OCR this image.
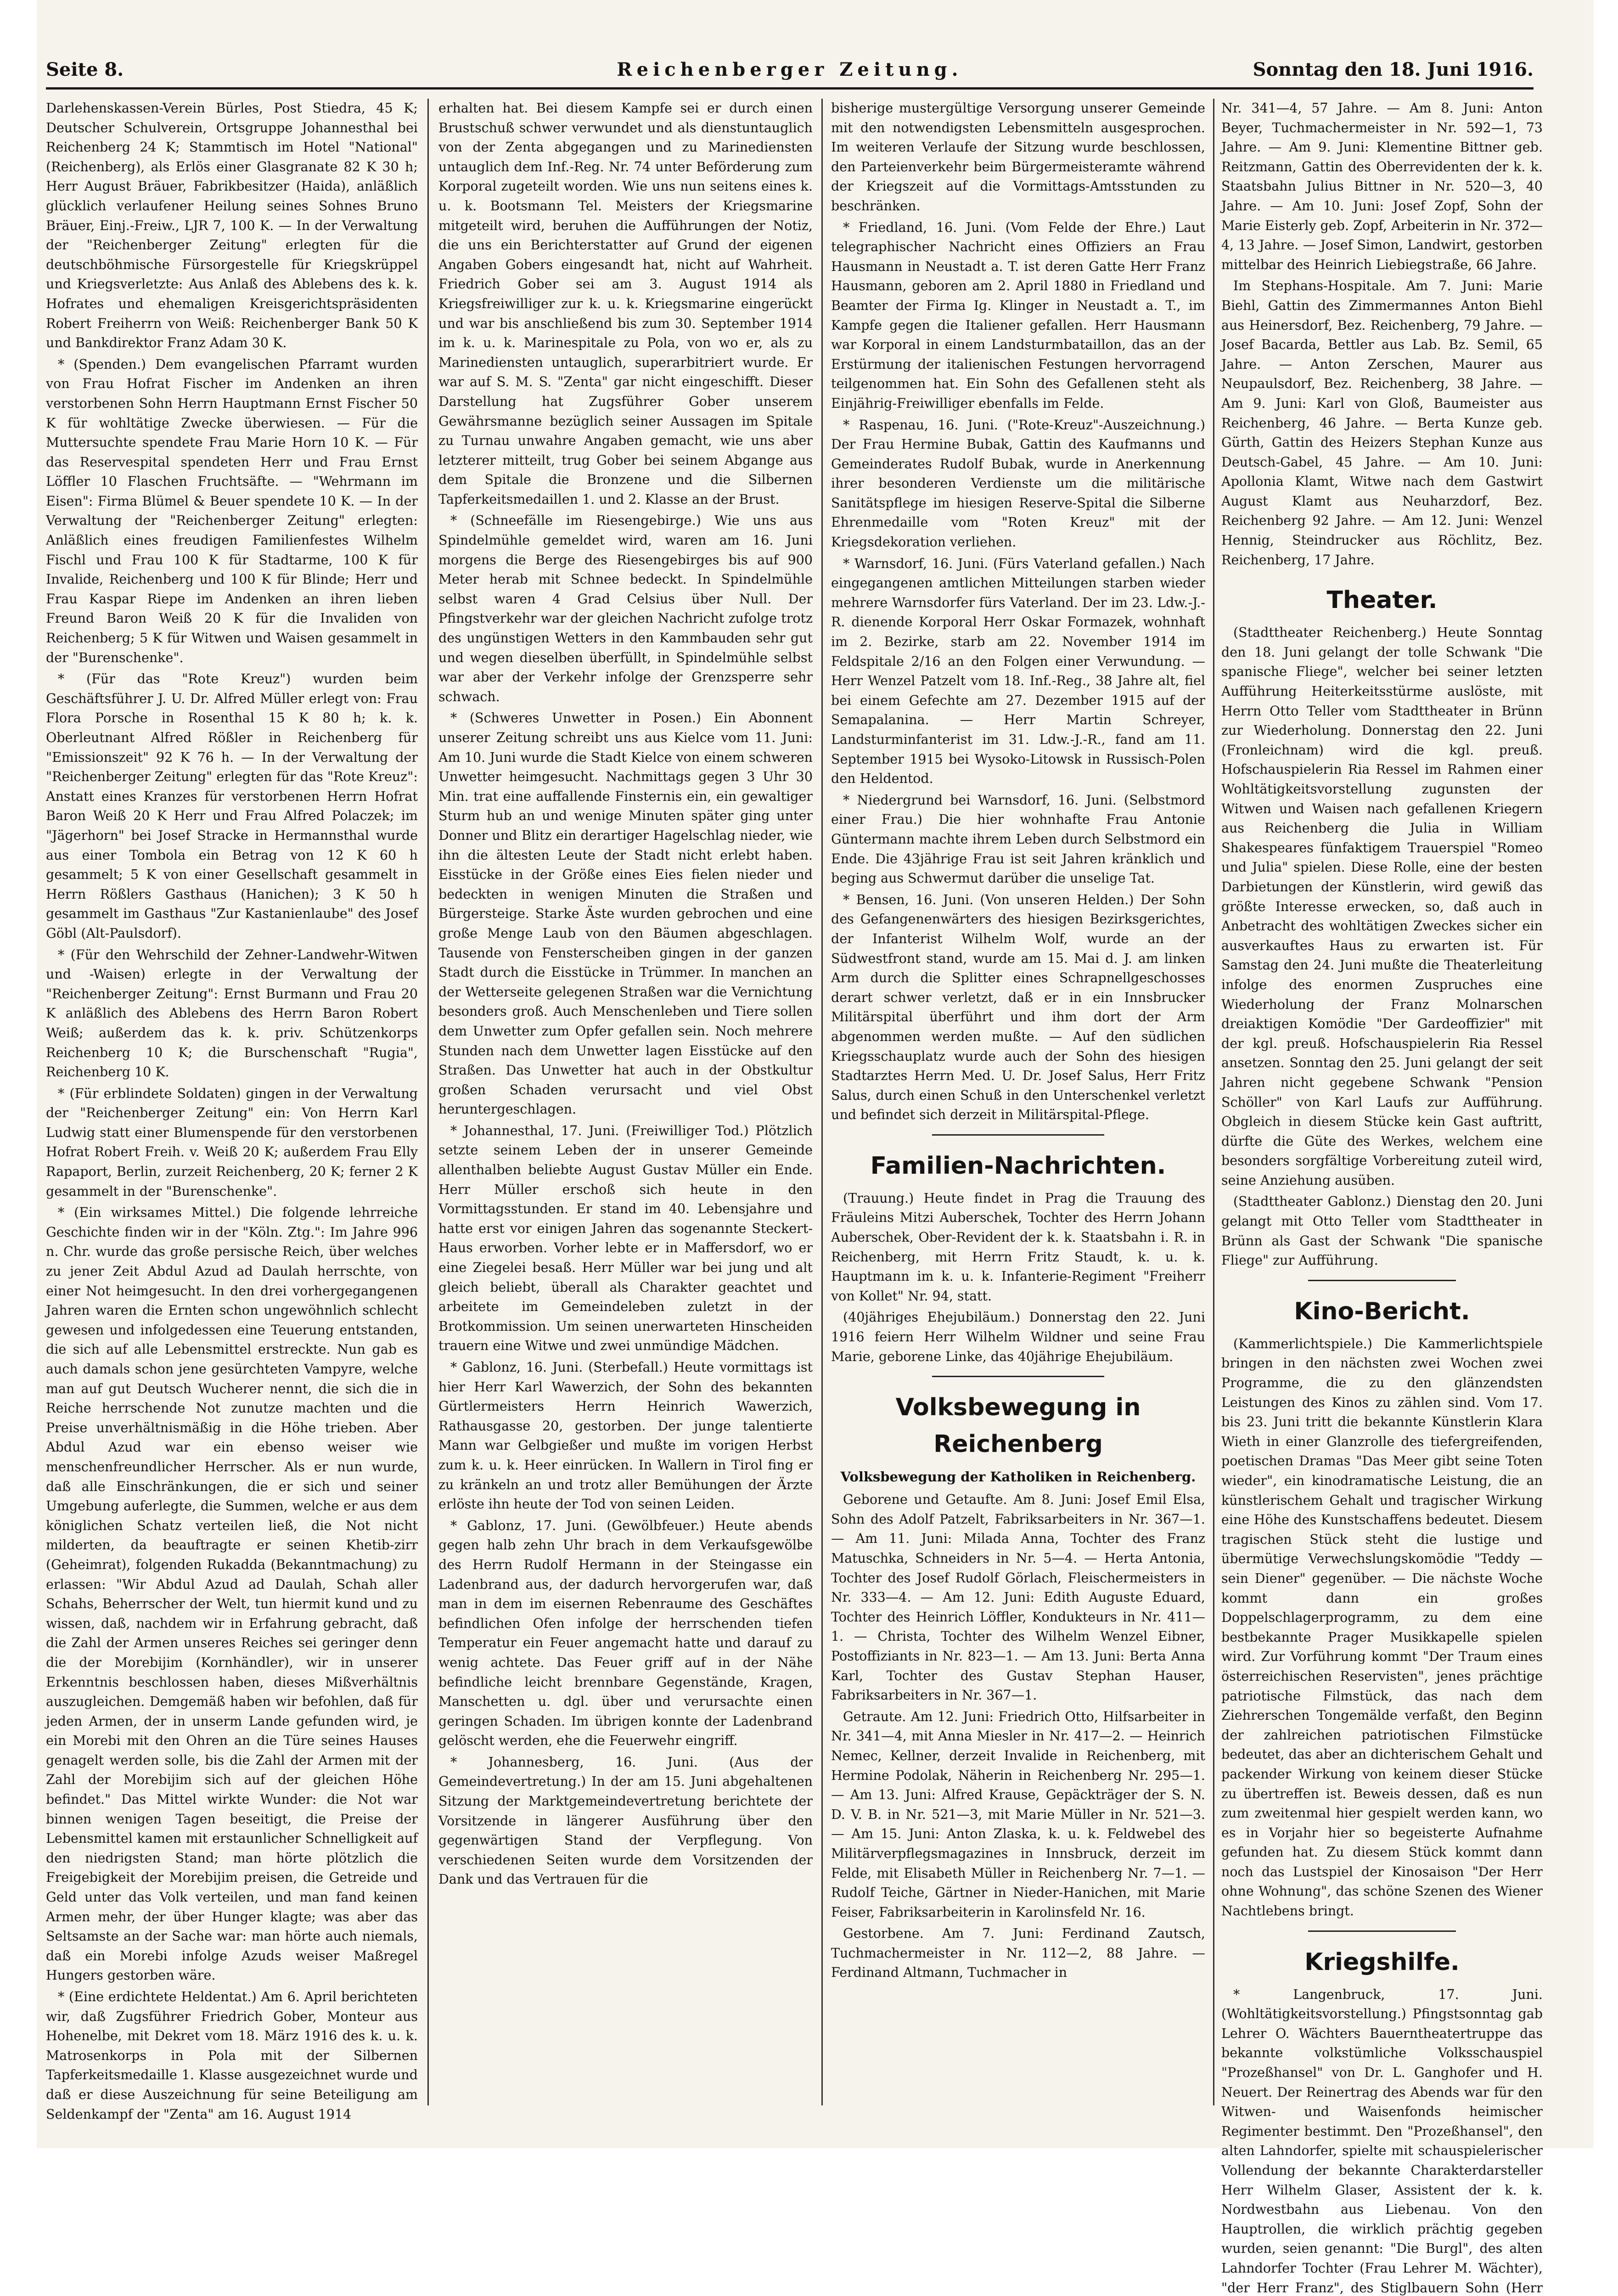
Seite 8.	Reichenberger Zeitung.	Sonntag den 18. Juni 1916.

Darlehenskassen-Verein Bürles, Post Stiedra, 45 K; Deutscher Schulverein, Ortsgruppe Johannesthal bei Reichenberg 24 K; Stammtisch im Hotel "National" (Reichenberg), als Erlös einer Glasgranate 82 K 30 h; Herr August Bräuer, Fabrikbesitzer (Haida), anläßlich glücklich verlaufener Heilung seines Sohnes Bruno Bräuer, Einj.-Freiw., LJR 7, 100 K. — In der Verwaltung der "Reichenberger Zeitung" erlegten für die deutschböhmische Fürsorgestelle für Kriegskrüppel und Kriegsverletzte: Aus Anlaß des Ablebens des k. k. Hofrates und ehemaligen Kreisgerichtspräsidenten Robert Freiherrn von Weiß: Reichenberger Bank 50 K und Bankdirektor Franz Adam 30 K.

* (Spenden.) Dem evangelischen Pfarramt wurden von Frau Hofrat Fischer im Andenken an ihren verstorbenen Sohn Herrn Hauptmann Ernst Fischer 50 K für wohltätige Zwecke überwiesen. — Für die Muttersuchte spendete Frau Marie Horn 10 K. — Für das Reservespital spendeten Herr und Frau Ernst Löffler 10 Flaschen Fruchtsäfte. — "Wehrmann im Eisen": Firma Blümel & Beuer spendete 10 K. — In der Verwaltung der "Reichenberger Zeitung" erlegten: Anläßlich eines freudigen Familienfestes Wilhelm Fischl und Frau 100 K für Stadtarme, 100 K für Invalide, Reichenberg und 100 K für Blinde; Herr und Frau Kaspar Riepe im Andenken an ihren lieben Freund Baron Weiß 20 K für die Invaliden von Reichenberg; 5 K für Witwen und Waisen gesammelt in der "Burenschenke".

* (Für das "Rote Kreuz") wurden beim Geschäftsführer J. U. Dr. Alfred Müller erlegt von: Frau Flora Porsche in Rosenthal 15 K 80 h; k. k. Oberleutnant Alfred Rößler in Reichenberg für "Emissionszeit" 92 K 76 h. — In der Verwaltung der "Reichenberger Zeitung" erlegten für das "Rote Kreuz": Anstatt eines Kranzes für verstorbenen Herrn Hofrat Baron Weiß 20 K Herr und Frau Alfred Polaczek; im "Jägerhorn" bei Josef Stracke in Hermannsthal wurde aus einer Tombola ein Betrag von 12 K 60 h gesammelt; 5 K von einer Gesellschaft gesammelt in Herrn Rößlers Gasthaus (Hanichen); 3 K 50 h gesammelt im Gasthaus "Zur Kastanienlaube" des Josef Göbl (Alt-Paulsdorf).

* (Für den Wehrschild der Zehner-Landwehr-Witwen und -Waisen) erlegte in der Verwaltung der "Reichenberger Zeitung": Ernst Burmann und Frau 20 K anläßlich des Ablebens des Herrn Baron Robert Weiß; außerdem das k. k. priv. Schützenkorps Reichenberg 10 K; die Burschenschaft "Rugia", Reichenberg 10 K.

* (Für erblindete Soldaten) gingen in der Verwaltung der "Reichenberger Zeitung" ein: Von Herrn Karl Ludwig statt einer Blumenspende für den verstorbenen Hofrat Robert Freih. v. Weiß 20 K; außerdem Frau Elly Rapaport, Berlin, zurzeit Reichenberg, 20 K; ferner 2 K gesammelt in der "Burenschenke".

* (Ein wirksames Mittel.) Die folgende lehrreiche Geschichte finden wir in der "Köln. Ztg.": Im Jahre 996 n. Chr. wurde das große persische Reich, über welches zu jener Zeit Abdul Azud ad Daulah herrschte, von einer Not heimgesucht. In den drei vorhergegangenen Jahren waren die Ernten schon ungewöhnlich schlecht gewesen und infolgedessen eine Teuerung entstanden, die sich auf alle Lebensmittel erstreckte. Nun gab es auch damals schon jene gesürchteten Vampyre, welche man auf gut Deutsch Wucherer nennt, die sich die in Reiche herrschende Not zunutze machten und die Preise unverhältnismäßig in die Höhe trieben. Aber Abdul Azud war ein ebenso weiser wie menschenfreundlicher Herrscher. Als er nun wurde, daß alle Einschränkungen, die er sich und seiner Umgebung auferlegte, die Summen, welche er aus dem königlichen Schatz verteilen ließ, die Not nicht milderten, da beauftragte er seinen Khetib-zirr (Geheimrat), folgenden Rukadda (Bekanntmachung) zu erlassen: "Wir Abdul Azud ad Daulah, Schah aller Schahs, Beherrscher der Welt, tun hiermit kund und zu wissen, daß, nachdem wir in Erfahrung gebracht, daß die Zahl der Armen unseres Reiches sei geringer denn die der Morebijim (Kornhändler), wir in unserer Erkenntnis beschlossen haben, dieses Mißverhältnis auszugleichen. Demgemäß haben wir befohlen, daß für jeden Armen, der in unserm Lande gefunden wird, je ein Morebi mit den Ohren an die Türe seines Hauses genagelt werden solle, bis die Zahl der Armen mit der Zahl der Morebijim sich auf der gleichen Höhe befindet." Das Mittel wirkte Wunder: die Not war binnen wenigen Tagen beseitigt, die Preise der Lebensmittel kamen mit erstaunlicher Schnelligkeit auf den niedrigsten Stand; man hörte plötzlich die Freigebigkeit der Morebijim preisen, die Getreide und Geld unter das Volk verteilen, und man fand keinen Armen mehr, der über Hunger klagte; was aber das Seltsamste an der Sache war: man hörte auch niemals, daß ein Morebi infolge Azuds weiser Maßregel Hungers gestorben wäre.

* (Eine erdichtete Heldentat.) Am 6. April berichteten wir, daß Zugsführer Friedrich Gober, Monteur aus Hohenelbe, mit Dekret vom 18. März 1916 des k. u. k. Matrosenkorps in Pola mit der Silbernen Tapferkeitsmedaille 1. Klasse ausgezeichnet wurde und daß er diese Auszeichnung für seine Beteiligung am Seldenkampf der "Zenta" am 16. August 1914

erhalten hat. Bei diesem Kampfe sei er durch einen Brustschuß schwer verwundet und als dienstuntauglich von der Zenta abgegangen und zu Marinediensten untauglich dem Inf.-Reg. Nr. 74 unter Beförderung zum Korporal zugeteilt worden. Wie uns nun seitens eines k. u. k. Bootsmann Tel. Meisters der Kriegsmarine mitgeteilt wird, beruhen die Aufführungen der Notiz, die uns ein Berichterstatter auf Grund der eigenen Angaben Gobers eingesandt hat, nicht auf Wahrheit. Friedrich Gober sei am 3. August 1914 als Kriegsfreiwilliger zur k. u. k. Kriegsmarine eingerückt und war bis anschließend bis zum 30. September 1914 im k. u. k. Marinespitale zu Pola, von wo er, als zu Marinediensten untauglich, superarbitriert wurde. Er war auf S. M. S. "Zenta" gar nicht eingeschifft. Dieser Darstellung hat Zugsführer Gober unserem Gewährsmanne bezüglich seiner Aussagen im Spitale zu Turnau unwahre Angaben gemacht, wie uns aber letzterer mitteilt, trug Gober bei seinem Abgange aus dem Spitale die Bronzene und die Silbernen Tapferkeitsmedaillen 1. und 2. Klasse an der Brust.

* (Schneefälle im Riesengebirge.) Wie uns aus Spindelmühle gemeldet wird, waren am 16. Juni morgens die Berge des Riesengebirges bis auf 900 Meter herab mit Schnee bedeckt. In Spindelmühle selbst waren 4 Grad Celsius über Null. Der Pfingstverkehr war der gleichen Nachricht zufolge trotz des ungünstigen Wetters in den Kammbauden sehr gut und wegen dieselben überfüllt, in Spindelmühle selbst war aber der Verkehr infolge der Grenzsperre sehr schwach.

* (Schweres Unwetter in Posen.) Ein Abonnent unserer Zeitung schreibt uns aus Kielce vom 11. Juni: Am 10. Juni wurde die Stadt Kielce von einem schweren Unwetter heimgesucht. Nachmittags gegen 3 Uhr 30 Min. trat eine auffallende Finsternis ein, ein gewaltiger Sturm hub an und wenige Minuten später ging unter Donner und Blitz ein derartiger Hagelschlag nieder, wie ihn die ältesten Leute der Stadt nicht erlebt haben. Eisstücke in der Größe eines Eies fielen nieder und bedeckten in wenigen Minuten die Straßen und Bürgersteige. Starke Äste wurden gebrochen und eine große Menge Laub von den Bäumen abgeschlagen. Tausende von Fensterscheiben gingen in der ganzen Stadt durch die Eisstücke in Trümmer. In manchen an der Wetterseite gelegenen Straßen war die Vernichtung besonders groß. Auch Menschenleben und Tiere sollen dem Unwetter zum Opfer gefallen sein. Noch mehrere Stunden nach dem Unwetter lagen Eisstücke auf den Straßen. Das Unwetter hat auch in der Obstkultur großen Schaden verursacht und viel Obst heruntergeschlagen.

* Johannesthal, 17. Juni. (Freiwilliger Tod.) Plötzlich setzte seinem Leben der in unserer Gemeinde allenthalben beliebte August Gustav Müller ein Ende. Herr Müller erschoß sich heute in den Vormittagsstunden. Er stand im 40. Lebensjahre und hatte erst vor einigen Jahren das sogenannte Steckert-Haus erworben. Vorher lebte er in Maffersdorf, wo er eine Ziegelei besaß. Herr Müller war bei jung und alt gleich beliebt, überall als Charakter geachtet und arbeitete im Gemeindeleben zuletzt in der Brotkommission. Um seinen unerwarteten Hinscheiden trauern eine Witwe und zwei unmündige Mädchen.

* Gablonz, 16. Juni. (Sterbefall.) Heute vormittags ist hier Herr Karl Wawerzich, der Sohn des bekannten Gürtlermeisters Herrn Heinrich Wawerzich, Rathausgasse 20, gestorben. Der junge talentierte Mann war Gelbgießer und mußte im vorigen Herbst zum k. u. k. Heer einrücken. In Wallern in Tirol fing er zu kränkeln an und trotz aller Bemühungen der Ärzte erlöste ihn heute der Tod von seinen Leiden.

* Gablonz, 17. Juni. (Gewölbfeuer.) Heute abends gegen halb zehn Uhr brach in dem Verkaufsgewölbe des Herrn Rudolf Hermann in der Steingasse ein Ladenbrand aus, der dadurch hervorgerufen war, daß man in dem im eisernen Rebenraume des Geschäftes befindlichen Ofen infolge der herrschenden tiefen Temperatur ein Feuer angemacht hatte und darauf zu wenig achtete. Das Feuer griff auf in der Nähe befindliche leicht brennbare Gegenstände, Kragen, Manschetten u. dgl. über und verursachte einen geringen Schaden. Im übrigen konnte der Ladenbrand gelöscht werden, ehe die Feuerwehr eingriff.

* Johannesberg, 16. Juni. (Aus der Gemeindevertretung.) In der am 15. Juni abgehaltenen Sitzung der Marktgemeindevertretung berichtete der Vorsitzende in längerer Ausführung über den gegenwärtigen Stand der Verpflegung. Von verschiedenen Seiten wurde dem Vorsitzenden der Dank und das Vertrauen für die

bisherige mustergültige Versorgung unserer Gemeinde mit den notwendigsten Lebensmitteln ausgesprochen. Im weiteren Verlaufe der Sitzung wurde beschlossen, den Parteienverkehr beim Bürgermeisteramte während der Kriegszeit auf die Vormittags-Amtsstunden zu beschränken.

* Friedland, 16. Juni. (Vom Felde der Ehre.) Laut telegraphischer Nachricht eines Offiziers an Frau Hausmann in Neustadt a. T. ist deren Gatte Herr Franz Hausmann, geboren am 2. April 1880 in Friedland und Beamter der Firma Ig. Klinger in Neustadt a. T., im Kampfe gegen die Italiener gefallen. Herr Hausmann war Korporal in einem Landsturmbataillon, das an der Erstürmung der italienischen Festungen hervorragend teilgenommen hat. Ein Sohn des Gefallenen steht als Einjährig-Freiwilliger ebenfalls im Felde.

* Raspenau, 16. Juni. ("Rote-Kreuz"-Auszeichnung.) Der Frau Hermine Bubak, Gattin des Kaufmanns und Gemeinderates Rudolf Bubak, wurde in Anerkennung ihrer besonderen Verdienste um die militärische Sanitätspflege im hiesigen Reserve-Spital die Silberne Ehrenmedaille vom "Roten Kreuz" mit der Kriegsdekoration verliehen.

* Warnsdorf, 16. Juni. (Fürs Vaterland gefallen.) Nach eingegangenen amtlichen Mitteilungen starben wieder mehrere Warnsdorfer fürs Vaterland. Der im 23. Ldw.-J.-R. dienende Korporal Herr Oskar Formazek, wohnhaft im 2. Bezirke, starb am 22. November 1914 im Feldspitale 2/16 an den Folgen einer Verwundung. — Herr Wenzel Patzelt vom 18. Inf.-Reg., 38 Jahre alt, fiel bei einem Gefechte am 27. Dezember 1915 auf der Semapalanina. — Herr Martin Schreyer, Landsturminfanterist im 31. Ldw.-J.-R., fand am 11. September 1915 bei Wysoko-Litowsk in Russisch-Polen den Heldentod.

* Niedergrund bei Warnsdorf, 16. Juni. (Selbstmord einer Frau.) Die hier wohnhafte Frau Antonie Güntermann machte ihrem Leben durch Selbstmord ein Ende. Die 43jährige Frau ist seit Jahren kränklich und beging aus Schwermut darüber die unselige Tat.

* Bensen, 16. Juni. (Von unseren Helden.) Der Sohn des Gefangenenwärters des hiesigen Bezirksgerichtes, der Infanterist Wilhelm Wolf, wurde an der Südwestfront stand, wurde am 15. Mai d. J. am linken Arm durch die Splitter eines Schrapnellgeschosses derart schwer verletzt, daß er in ein Innsbrucker Militärspital überführt und ihm dort der Arm abgenommen werden mußte. — Auf den südlichen Kriegsschauplatz wurde auch der Sohn des hiesigen Stadtarztes Herrn Med. U. Dr. Josef Salus, Herr Fritz Salus, durch einen Schuß in den Unterschenkel verletzt und befindet sich derzeit in Militärspital-Pflege.

Familien-Nachrichten.

(Trauung.) Heute findet in Prag die Trauung des Fräuleins Mitzi Auberschek, Tochter des Herrn Johann Auberschek, Ober-Revident der k. k. Staatsbahn i. R. in Reichenberg, mit Herrn Fritz Staudt, k. u. k. Hauptmann im k. u. k. Infanterie-Regiment "Freiherr von Kollet" Nr. 94, statt.

(40jähriges Ehejubiläum.) Donnerstag den 22. Juni 1916 feiern Herr Wilhelm Wildner und seine Frau Marie, geborene Linke, das 40jährige Ehejubiläum.

Volksbewegung in Reichenberg
Volksbewegung der Katholiken in Reichenberg.

Geborene und Getaufte. Am 8. Juni: Josef Emil Elsa, Sohn des Adolf Patzelt, Fabriksarbeiters in Nr. 367—1. — Am 11. Juni: Milada Anna, Tochter des Franz Matuschka, Schneiders in Nr. 5—4. — Herta Antonia, Tochter des Josef Rudolf Görlach, Fleischermeisters in Nr. 333—4. — Am 12. Juni: Edith Auguste Eduard, Tochter des Heinrich Löffler, Kondukteurs in Nr. 411—1. — Christa, Tochter des Wilhelm Wenzel Eibner, Postoffiziants in Nr. 823—1. — Am 13. Juni: Berta Anna Karl, Tochter des Gustav Stephan Hauser, Fabriksarbeiters in Nr. 367—1.

Getraute. Am 12. Juni: Friedrich Otto, Hilfsarbeiter in Nr. 341—4, mit Anna Miesler in Nr. 417—2. — Heinrich Nemec, Kellner, derzeit Invalide in Reichenberg, mit Hermine Podolak, Näherin in Reichenberg Nr. 295—1. — Am 13. Juni: Alfred Krause, Gepäckträger der S. N. D. V. B. in Nr. 521—3, mit Marie Müller in Nr. 521—3. — Am 15. Juni: Anton Zlaska, k. u. k. Feldwebel des Militärverpflegsmagazines in Innsbruck, derzeit im Felde, mit Elisabeth Müller in Reichenberg Nr. 7—1. — Rudolf Teiche, Gärtner in Nieder-Hanichen, mit Marie Feiser, Fabriksarbeiterin in Karolinsfeld Nr. 16.

Gestorbene. Am 7. Juni: Ferdinand Zautsch, Tuchmachermeister in Nr. 112—2, 88 Jahre. — Ferdinand Altmann, Tuchmacher in

Nr. 341—4, 57 Jahre. — Am 8. Juni: Anton Beyer, Tuchmachermeister in Nr. 592—1, 73 Jahre. — Am 9. Juni: Klementine Bittner geb. Reitzmann, Gattin des Oberrevidenten der k. k. Staatsbahn Julius Bittner in Nr. 520—3, 40 Jahre. — Am 10. Juni: Josef Zopf, Sohn der Marie Eisterly geb. Zopf, Arbeiterin in Nr. 372—4, 13 Jahre. — Josef Simon, Landwirt, gestorben mittelbar des Heinrich Liebiegstraße, 66 Jahre.

Im Stephans-Hospitale. Am 7. Juni: Marie Biehl, Gattin des Zimmermannes Anton Biehl aus Heinersdorf, Bez. Reichenberg, 79 Jahre. — Josef Bacarda, Bettler aus Lab. Bz. Semil, 65 Jahre. — Anton Zerschen, Maurer aus Neupaulsdorf, Bez. Reichenberg, 38 Jahre. — Am 9. Juni: Karl von Gloß, Baumeister aus Reichenberg, 46 Jahre. — Berta Kunze geb. Gürth, Gattin des Heizers Stephan Kunze aus Deutsch-Gabel, 45 Jahre. — Am 10. Juni: Apollonia Klamt, Witwe nach dem Gastwirt August Klamt aus Neuharzdorf, Bez. Reichenberg 92 Jahre. — Am 12. Juni: Wenzel Hennig, Steindrucker aus Röchlitz, Bez. Reichenberg, 17 Jahre.

Theater.

(Stadttheater Reichenberg.) Heute Sonntag den 18. Juni gelangt der tolle Schwank "Die spanische Fliege", welcher bei seiner letzten Aufführung Heiterkeitsstürme auslöste, mit Herrn Otto Teller vom Stadttheater in Brünn zur Wiederholung. Donnerstag den 22. Juni (Fronleichnam) wird die kgl. preuß. Hofschauspielerin Ria Ressel im Rahmen einer Wohltätigkeitsvorstellung zugunsten der Witwen und Waisen nach gefallenen Kriegern aus Reichenberg die Julia in William Shakespeares fünfaktigem Trauerspiel "Romeo und Julia" spielen. Diese Rolle, eine der besten Darbietungen der Künstlerin, wird gewiß das größte Interesse erwecken, so, daß auch in Anbetracht des wohltätigen Zweckes sicher ein ausverkauftes Haus zu erwarten ist. Für Samstag den 24. Juni mußte die Theaterleitung infolge des enormen Zuspruches eine Wiederholung der Franz Molnarschen dreiaktigen Komödie "Der Gardeoffizier" mit der kgl. preuß. Hofschauspielerin Ria Ressel ansetzen. Sonntag den 25. Juni gelangt der seit Jahren nicht gegebene Schwank "Pension Schöller" von Karl Laufs zur Aufführung. Obgleich in diesem Stücke kein Gast auftritt, dürfte die Güte des Werkes, welchem eine besonders sorgfältige Vorbereitung zuteil wird, seine Anziehung ausüben.

(Stadttheater Gablonz.) Dienstag den 20. Juni gelangt mit Otto Teller vom Stadttheater in Brünn als Gast der Schwank "Die spanische Fliege" zur Aufführung.

Kino-Bericht.

(Kammerlichtspiele.) Die Kammerlichtspiele bringen in den nächsten zwei Wochen zwei Programme, die zu den glänzendsten Leistungen des Kinos zu zählen sind. Vom 17. bis 23. Juni tritt die bekannte Künstlerin Klara Wieth in einer Glanzrolle des tiefergreifenden, poetischen Dramas "Das Meer gibt seine Toten wieder", ein kinodramatische Leistung, die an künstlerischem Gehalt und tragischer Wirkung eine Höhe des Kunstschaffens bedeutet. Diesem tragischen Stück steht die lustige und übermütige Verwechslungskomödie "Teddy — sein Diener" gegenüber. — Die nächste Woche kommt dann ein großes Doppelschlagerprogramm, zu dem eine bestbekannte Prager Musikkapelle spielen wird. Zur Vorführung kommt "Der Traum eines österreichischen Reservisten", jenes prächtige patriotische Filmstück, das nach dem Ziehrerschen Tongemälde verfaßt, den Beginn der zahlreichen patriotischen Filmstücke bedeutet, das aber an dichterischem Gehalt und packender Wirkung von keinem dieser Stücke zu übertreffen ist. Beweis dessen, daß es nun zum zweitenmal hier gespielt werden kann, wo es in Vorjahr hier so begeisterte Aufnahme gefunden hat. Zu diesem Stück kommt dann noch das Lustspiel der Kinosaison "Der Herr ohne Wohnung", das schöne Szenen des Wiener Nachtlebens bringt.

Kriegshilfe.

* Langenbruck, 17. Juni. (Wohltätigkeitsvorstellung.) Pfingstsonntag gab Lehrer O. Wächters Bauerntheatertruppe das bekannte volkstümliche Volksschauspiel "Prozeßhansel" von Dr. L. Ganghofer und H. Neuert. Der Reinertrag des Abends war für den Witwen- und Waisenfonds heimischer Regimenter bestimmt. Den "Prozeßhansel", den alten Lahndorfer, spielte mit schauspielerischer Vollendung der bekannte Charakterdarsteller Herr Wilhelm Glaser, Assistent der k. k. Nordwestbahn aus Liebenau. Von den Hauptrollen, die wirklich prächtig gegeben wurden, seien genannt: "Die Burgl", des alten Lahndorfer Tochter (Frau Lehrer M. Wächter), "der Herr Franz", des Stiglbauern Sohn (Herr
